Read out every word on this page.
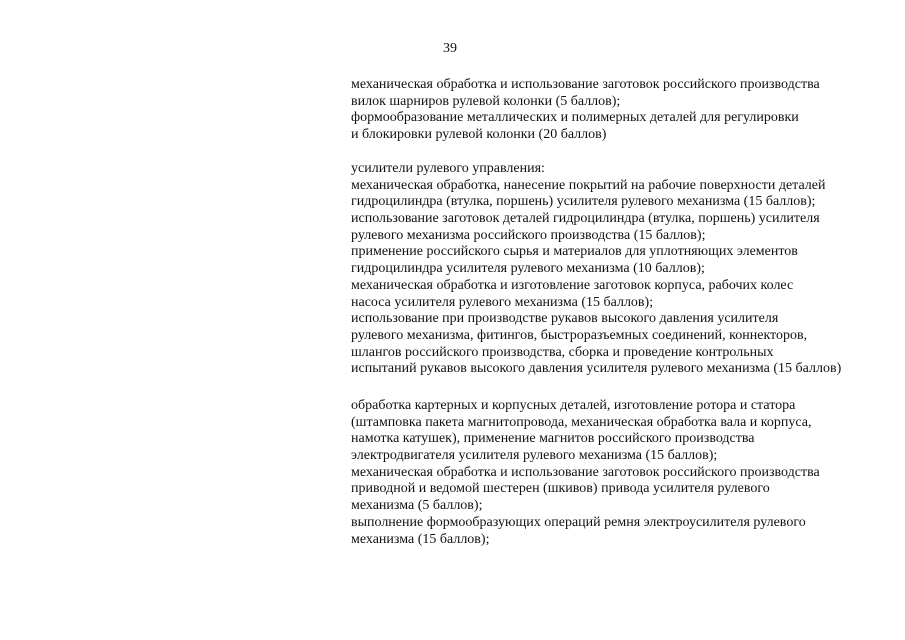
39
механическая обработка и использование заготовок российского производства
вилок шарниров рулевой колонки (5 баллов);
формообразование металлических и полимерных деталей для регулировки
и блокировки рулевой колонки (20 баллов)
усилители рулевого управления:
механическая обработка, нанесение покрытий на рабочие поверхности деталей
гидроцилиндра (втулка, поршень) усилителя рулевого механизма (15 баллов);
использование заготовок деталей гидроцилиндра (втулка, поршень) усилителя
рулевого механизма российского производства (15 баллов);
применение российского сырья и материалов для уплотняющих элементов
гидроцилиндра усилителя рулевого механизма (10 баллов);
механическая обработка и изготовление заготовок корпуса, рабочих колес
насоса усилителя рулевого механизма (15 баллов);
использование при производстве рукавов высокого давления усилителя
рулевого механизма, фитингов, быстроразъемных соединений, коннекторов,
шлангов российского производства, сборка и проведение контрольных
испытаний рукавов высокого давления усилителя рулевого механизма (15 баллов)
обработка картерных и корпусных деталей, изготовление ротора и статора
(штамповка пакета магнитопровода, механическая обработка вала и корпуса,
намотка катушек), применение магнитов российского производства
электродвигателя усилителя рулевого механизма (15 баллов);
механическая обработка и использование заготовок российского производства
приводной и ведомой шестерен (шкивов) привода усилителя рулевого
механизма (5 баллов);
выполнение формообразующих операций ремня электроусилителя рулевого
механизма (15 баллов);
